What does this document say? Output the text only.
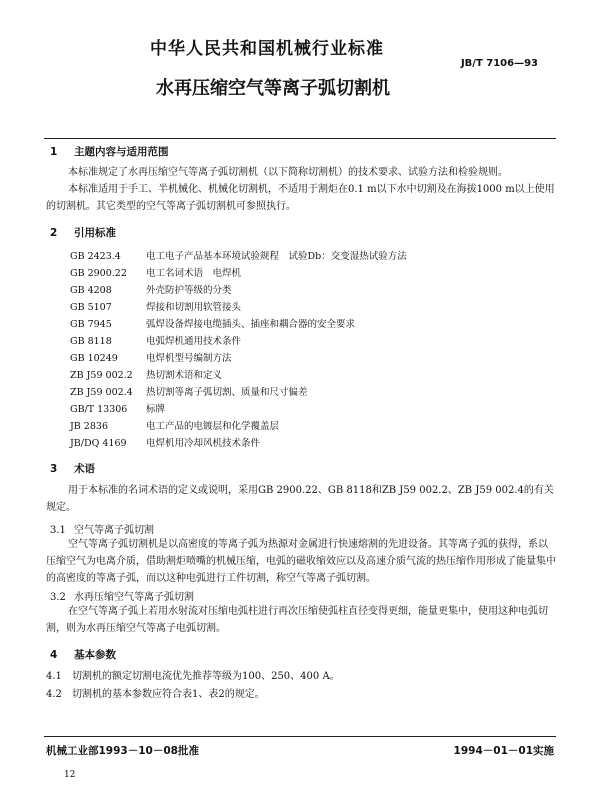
中华人民共和国机械行业标准
JB/T 7106—93
水再压缩空气等离子弧切割机
1 主题内容与适用范围
本标准规定了水再压缩空气等离子弧切割机（以下简称切割机）的技术要求、试验方法和检验规则。
本标准适用于手工、半机械化、机械化切割机，不适用于割炬在0.1 m以下水中切割及在海拔1000 m以上使用的切割机。其它类型的空气等离子弧切割机可参照执行。
2 引用标准
GB 2423.4	电工电子产品基本环境试验规程　试验Db：交变湿热试验方法
GB 2900.22 电工名词术语　电焊机
GB 4208	外壳防护等级的分类
GB 5107	焊接和切割用软管接头
GB 7945	弧焊设备焊接电缆插头、插座和耦合器的安全要求
GB 8118	电弧焊机通用技术条件
GB 10249	电焊机型号编制方法
ZB J59 002.2 热切割术语和定义
ZB J59 002.4 热切割等离子弧切割、质量和尺寸偏差
GB/T 13306 标牌
JB 2836	电工产品的电镀层和化学覆盖层
JB/DQ 4169 电焊机用冷却风机技术条件
3 术语
用于本标准的名词术语的定义或说明，采用GB 2900.22、GB 8118和ZB J59 002.2、ZB J59 002.4的有关规定。
3.1 空气等离子弧切割
空气等离子弧切割机是以高密度的等离子弧为热源对金属进行快速熔割的先进设备。其等离子弧的获得，系以压缩空气为电离介质，借助割炬喷嘴的机械压缩，电弧的磁收缩效应以及高速介质气流的热压缩作用形成了能量集中的高密度的等离子弧，而以这种电弧进行工件切割，称空气等离子弧切割。
3.2 水再压缩空气等离子弧切割
在空气等离子弧上若用水射流对压缩电弧柱进行再次压缩使弧柱直径变得更细，能量更集中，使用这种电弧切割，则为水再压缩空气等离子电弧切割。
4 基本参数
4.1 切割机的额定切割电流优先推荐等级为100、250、400 A。
4.2 切割机的基本参数应符合表1、表2的规定。
机械工业部1993－10－08批准	1994－01－01实施
12
